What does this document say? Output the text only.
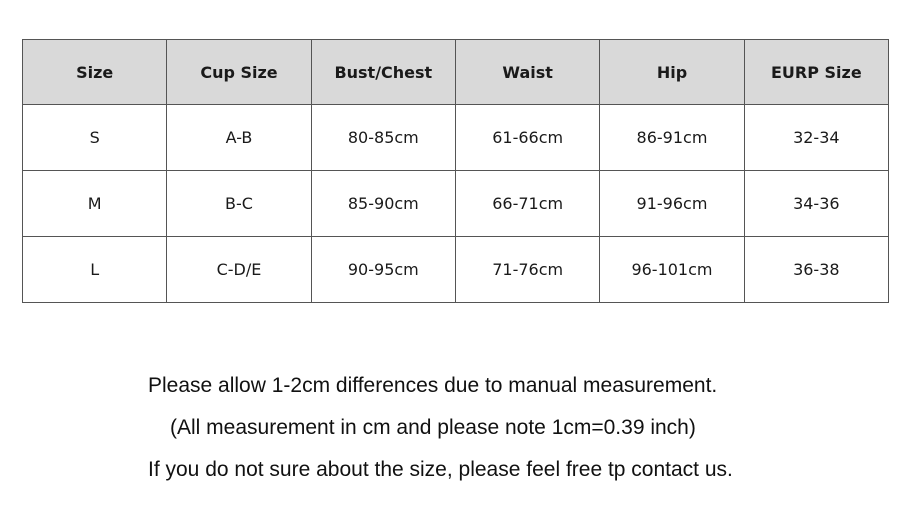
Size	Cup Size	Bust/Chest	Waist	Hip	EURP Size
S	A-B	80-85cm	61-66cm	86-91cm	32-34
M	B-C	85-90cm	66-71cm	91-96cm	34-36
L	C-D/E	90-95cm	71-76cm	96-101cm	36-38
Please allow 1-2cm differences due to manual measurement.
(All measurement in cm and please note 1cm=0.39 inch)
If you do not sure about the size, please feel free tp contact us.
